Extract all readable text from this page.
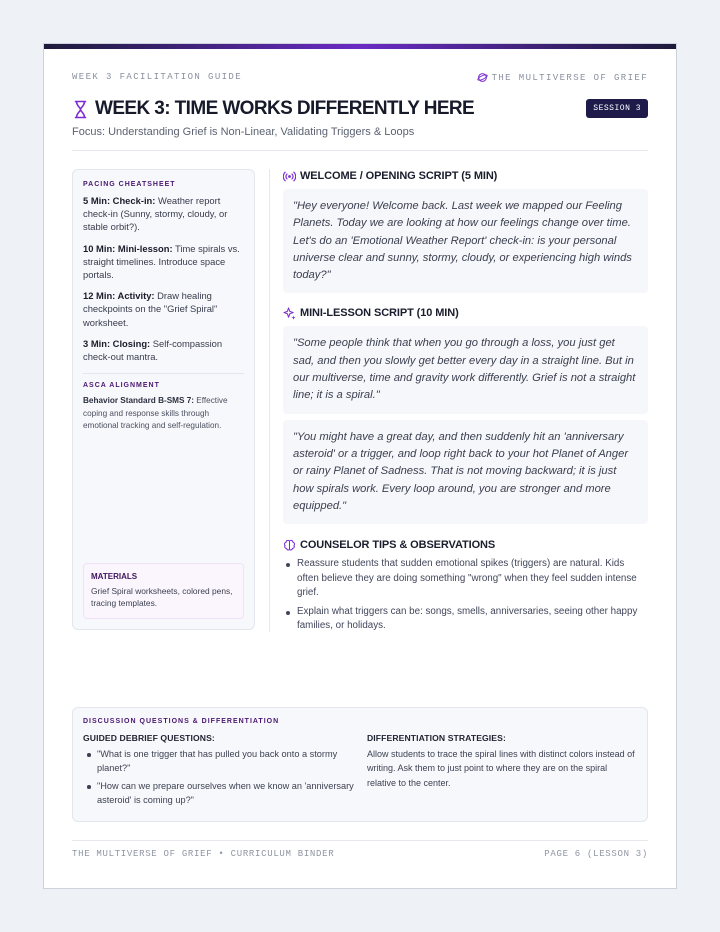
WEEK 3 FACILITATION GUIDE	THE MULTIVERSE OF GRIEF
WEEK 3: TIME WORKS DIFFERENTLY HERE	SESSION 3
Focus: Understanding Grief is Non-Linear, Validating Triggers & Loops
PACING CHEATSHEET
5 Min: Check-in: Weather report check-in (Sunny, stormy, cloudy, or stable orbit?).
10 Min: Mini-lesson: Time spirals vs. straight timelines. Introduce space portals.
12 Min: Activity: Draw healing checkpoints on the "Grief Spiral" worksheet.
3 Min: Closing: Self-compassion check-out mantra.
ASCA ALIGNMENT
Behavior Standard B-SMS 7: Effective coping and response skills through emotional tracking and self-regulation.
MATERIALS
Grief Spiral worksheets, colored pens, tracing templates.
WELCOME / OPENING SCRIPT (5 MIN)
"Hey everyone! Welcome back. Last week we mapped our Feeling Planets. Today we are looking at how our feelings change over time. Let's do an 'Emotional Weather Report' check-in: is your personal universe clear and sunny, stormy, cloudy, or experiencing high winds today?"
MINI-LESSON SCRIPT (10 MIN)
"Some people think that when you go through a loss, you just get sad, and then you slowly get better every day in a straight line. But in our multiverse, time and gravity work differently. Grief is not a straight line; it is a spiral."
"You might have a great day, and then suddenly hit an 'anniversary asteroid' or a trigger, and loop right back to your hot Planet of Anger or rainy Planet of Sadness. That is not moving backward; it is just how spirals work. Every loop around, you are stronger and more equipped."
COUNSELOR TIPS & OBSERVATIONS
Reassure students that sudden emotional spikes (triggers) are natural. Kids often believe they are doing something "wrong" when they feel sudden intense grief.
Explain what triggers can be: songs, smells, anniversaries, seeing other happy families, or holidays.
DISCUSSION QUESTIONS & DIFFERENTIATION
GUIDED DEBRIEF QUESTIONS:
"What is one trigger that has pulled you back onto a stormy planet?"
"How can we prepare ourselves when we know an 'anniversary asteroid' is coming up?"
DIFFERENTIATION STRATEGIES:
Allow students to trace the spiral lines with distinct colors instead of writing. Ask them to just point to where they are on the spiral relative to the center.
THE MULTIVERSE OF GRIEF • CURRICULUM BINDER	PAGE 6 (LESSON 3)
